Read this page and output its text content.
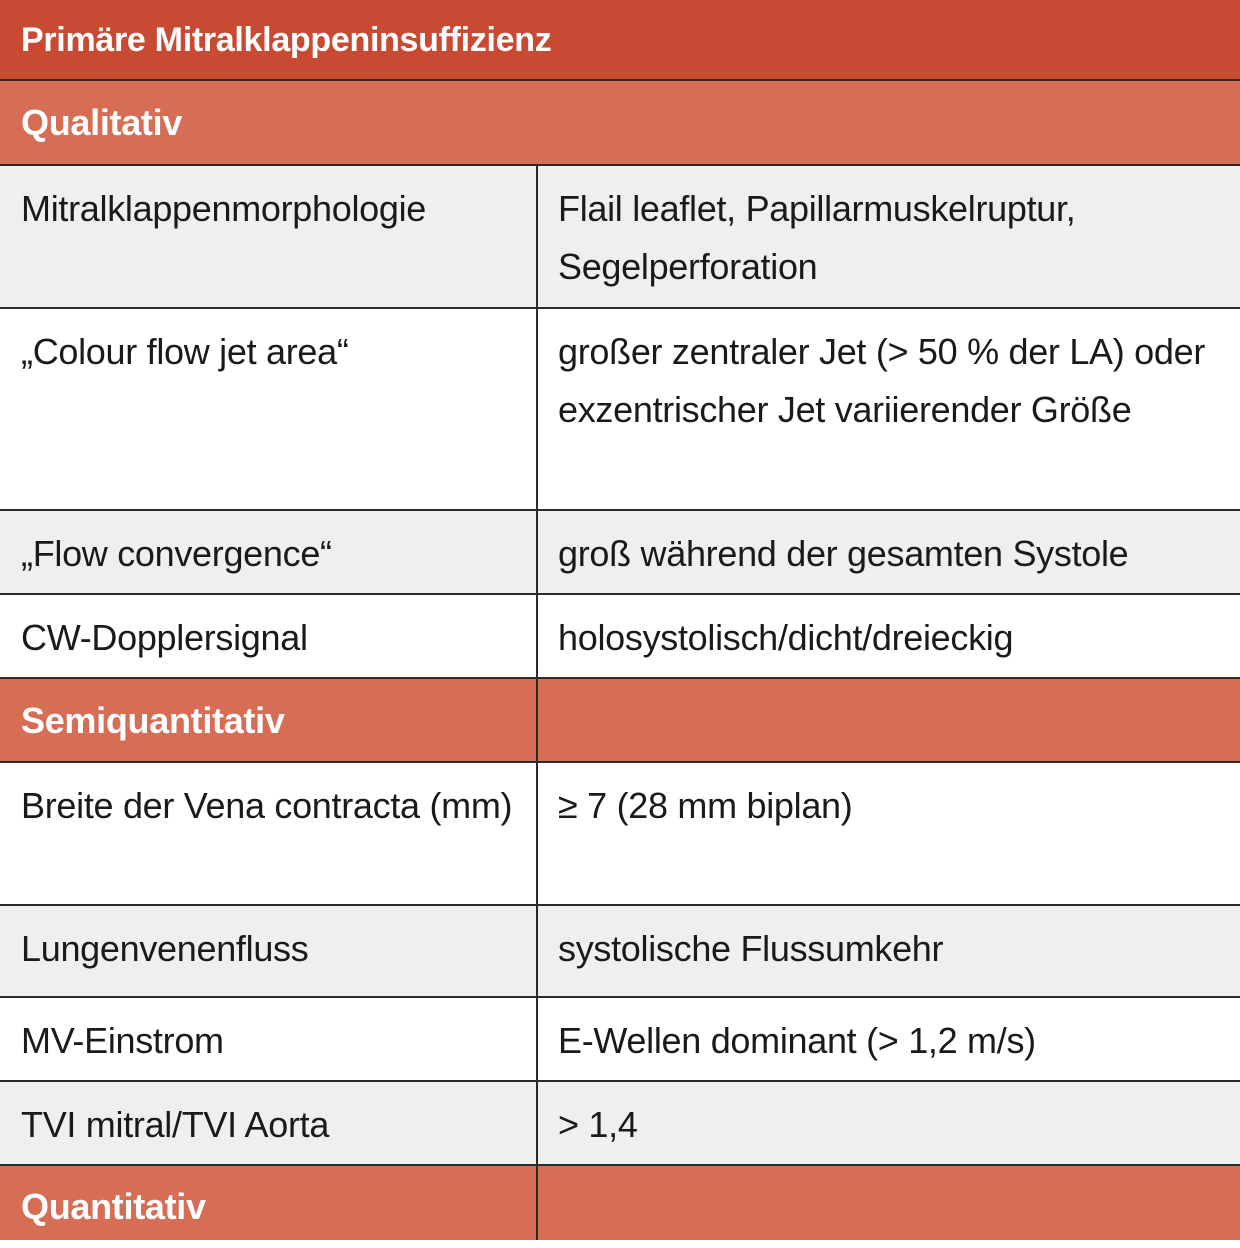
Primäre Mitralklappeninsuffizienz
Qualitativ
Mitralklappenmorphologie	Flail leaflet, Papillarmuskelruptur, Segelperforation
„Colour flow jet area“	großer zentraler Jet (> 50 % der LA) oder exzentrischer Jet variierender Größe
„Flow convergence“	groß während der gesamten Systole
CW-Dopplersignal	holosystolisch/dicht/dreieckig
Semiquantitativ
Breite der Vena contracta (mm)	≥ 7 (28 mm biplan)
Lungenvenenfluss	systolische Flussumkehr
MV-Einstrom	E-Wellen dominant (> 1,2 m/s)
TVI mitral/TVI Aorta	> 1,4
Quantitativ
